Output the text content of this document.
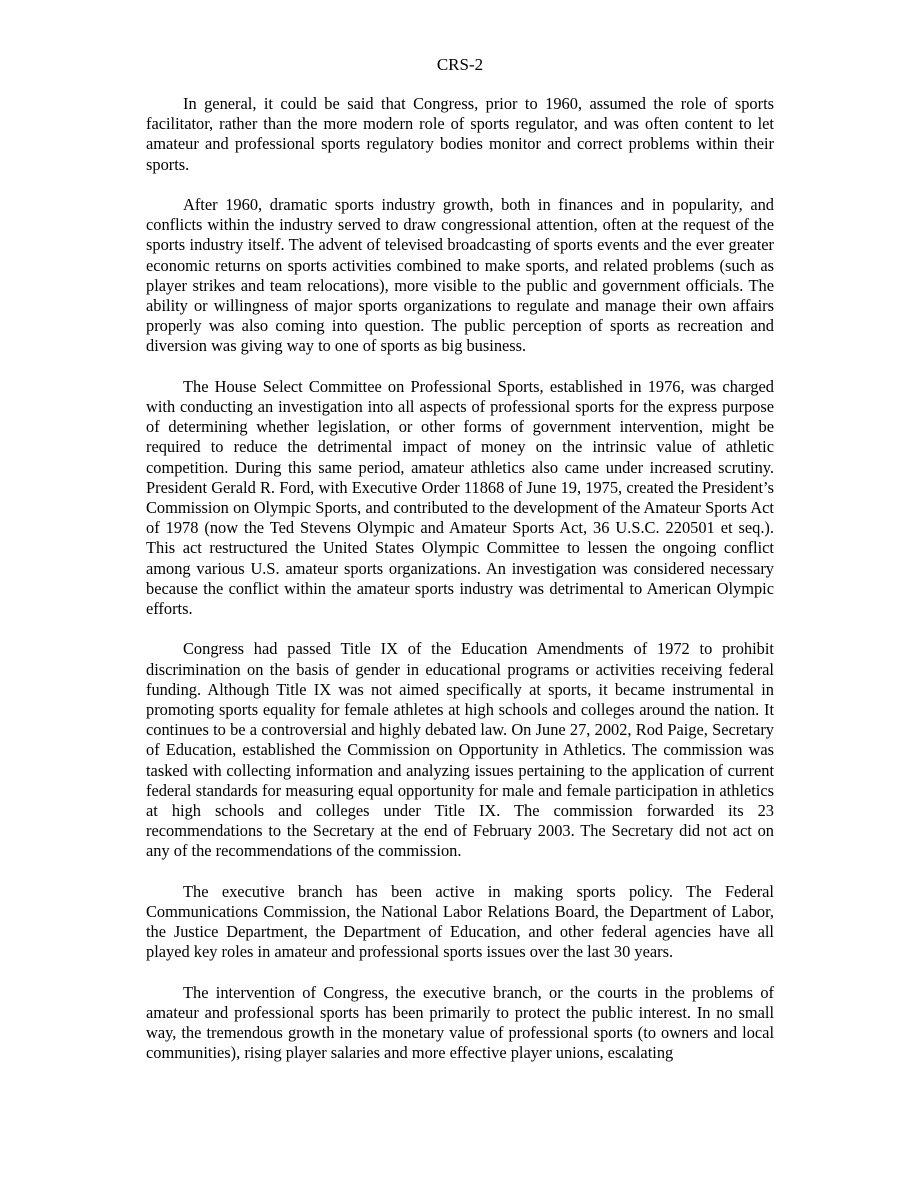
CRS-2

In general, it could be said that Congress, prior to 1960, assumed the role of sports facilitator, rather than the more modern role of sports regulator, and was often content to let amateur and professional sports regulatory bodies monitor and correct problems within their sports.

After 1960, dramatic sports industry growth, both in finances and in popularity, and conflicts within the industry served to draw congressional attention, often at the request of the sports industry itself. The advent of televised broadcasting of sports events and the ever greater economic returns on sports activities combined to make sports, and related problems (such as player strikes and team relocations), more visible to the public and government officials. The ability or willingness of major sports organizations to regulate and manage their own affairs properly was also coming into question. The public perception of sports as recreation and diversion was giving way to one of sports as big business.

The House Select Committee on Professional Sports, established in 1976, was charged with conducting an investigation into all aspects of professional sports for the express purpose of determining whether legislation, or other forms of government intervention, might be required to reduce the detrimental impact of money on the intrinsic value of athletic competition. During this same period, amateur athletics also came under increased scrutiny. President Gerald R. Ford, with Executive Order 11868 of June 19, 1975, created the President’s Commission on Olympic Sports, and contributed to the development of the Amateur Sports Act of 1978 (now the Ted Stevens Olympic and Amateur Sports Act, 36 U.S.C. 220501 et seq.). This act restructured the United States Olympic Committee to lessen the ongoing conflict among various U.S. amateur sports organizations. An investigation was considered necessary because the conflict within the amateur sports industry was detrimental to American Olympic efforts.

Congress had passed Title IX of the Education Amendments of 1972 to prohibit discrimination on the basis of gender in educational programs or activities receiving federal funding. Although Title IX was not aimed specifically at sports, it became instrumental in promoting sports equality for female athletes at high schools and colleges around the nation. It continues to be a controversial and highly debated law. On June 27, 2002, Rod Paige, Secretary of Education, established the Commission on Opportunity in Athletics. The commission was tasked with collecting information and analyzing issues pertaining to the application of current federal standards for measuring equal opportunity for male and female participation in athletics at high schools and colleges under Title IX. The commission forwarded its 23 recommendations to the Secretary at the end of February 2003. The Secretary did not act on any of the recommendations of the commission.

The executive branch has been active in making sports policy. The Federal Communications Commission, the National Labor Relations Board, the Department of Labor, the Justice Department, the Department of Education, and other federal agencies have all played key roles in amateur and professional sports issues over the last 30 years.

The intervention of Congress, the executive branch, or the courts in the problems of amateur and professional sports has been primarily to protect the public interest. In no small way, the tremendous growth in the monetary value of professional sports (to owners and local communities), rising player salaries and more effective player unions, escalating
